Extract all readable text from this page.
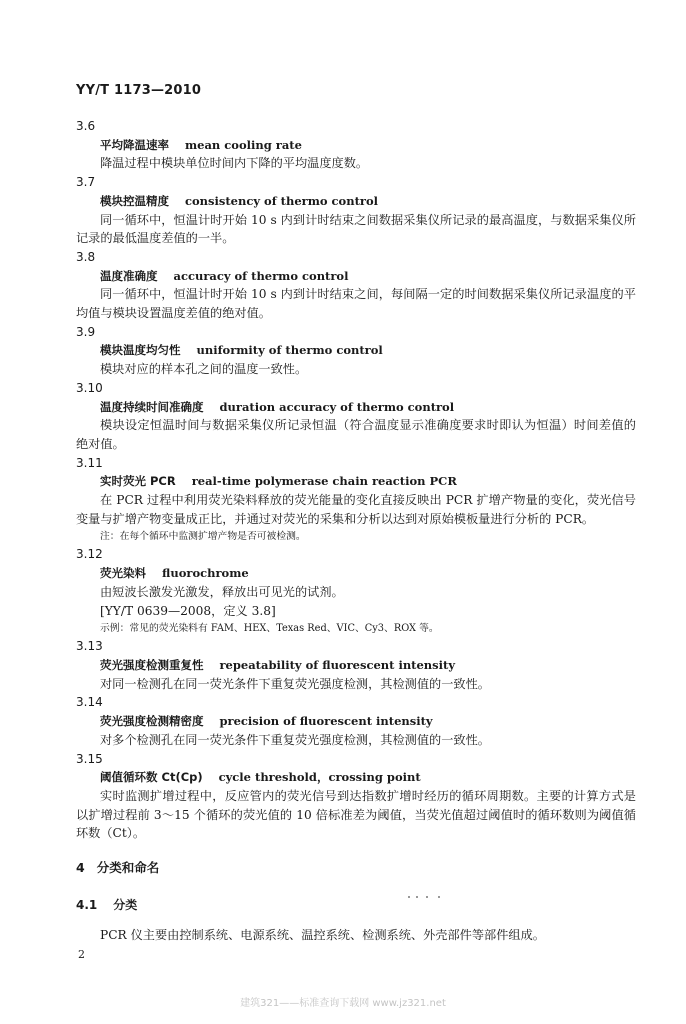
YY/T 1173—2010
3.6
平均降温速率 mean cooling rate
降温过程中模块单位时间内下降的平均温度度数。
3.7
模块控温精度 consistency of thermo control
同一循环中，恒温计时开始 10 s 内到计时结束之间数据采集仪所记录的最高温度，与数据采集仪所记录的最低温度差值的一半。
3.8
温度准确度 accuracy of thermo control
同一循环中，恒温计时开始 10 s 内到计时结束之间，每间隔一定的时间数据采集仪所记录温度的平均值与模块设置温度差值的绝对值。
3.9
模块温度均匀性 uniformity of thermo control
模块对应的样本孔之间的温度一致性。
3.10
温度持续时间准确度 duration accuracy of thermo control
模块设定恒温时间与数据采集仪所记录恒温（符合温度显示准确度要求时即认为恒温）时间差值的绝对值。
3.11
实时荧光 PCR real-time polymerase chain reaction PCR
在 PCR 过程中利用荧光染料释放的荧光能量的变化直接反映出 PCR 扩增产物量的变化，荧光信号变量与扩增产物变量成正比，并通过对荧光的采集和分析以达到对原始模板量进行分析的 PCR。
注：在每个循环中监测扩增产物是否可被检测。
3.12
荧光染料 fluorochrome
由短波长激发光激发，释放出可见光的试剂。
[YY/T 0639—2008，定义 3.8]
示例：常见的荧光染料有 FAM、HEX、Texas Red、VIC、Cy3、ROX 等。
3.13
荧光强度检测重复性 repeatability of fluorescent intensity
对同一检测孔在同一荧光条件下重复荧光强度检测，其检测值的一致性。
3.14
荧光强度检测精密度 precision of fluorescent intensity
对多个检测孔在同一荧光条件下重复荧光强度检测，其检测值的一致性。
3.15
阈值循环数 Ct(Cp) cycle threshold，crossing point
实时监测扩增过程中，反应管内的荧光信号到达指数扩增时经历的循环周期数。主要的计算方式是以扩增过程前 3～15 个循环的荧光值的 10 倍标准差为阈值，当荧光值超过阈值时的循环数则为阈值循环数（Ct）。
4 分类和命名
4.1 分类
PCR 仪主要由控制系统、电源系统、温控系统、检测系统、外壳部件等部件组成。
2
建筑321——标准查询下载网 www.jz321.net
